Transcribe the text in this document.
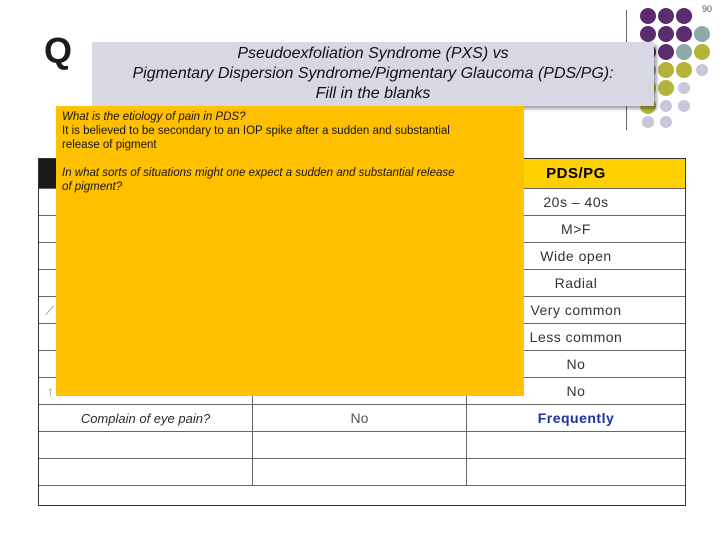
90
Q	Pseudoexfoliation Syndrome (PXS) vs
Pigmentary Dispersion Syndrome/Pigmentary Glaucoma (PDS/PG):
Fill in the blanks
PDS/PG
20s – 40s
M>F
Wide open
Radial
⁄	Very common
Less common
No
↑	No
Complain of eye pain?	No	Frequently

What is the etiology of pain in PDS?

It is believed to be secondary to an IOP spike after a sudden and substantial

release of pigment

In what sorts of situations might one expect a sudden and substantial release

of pigment?
